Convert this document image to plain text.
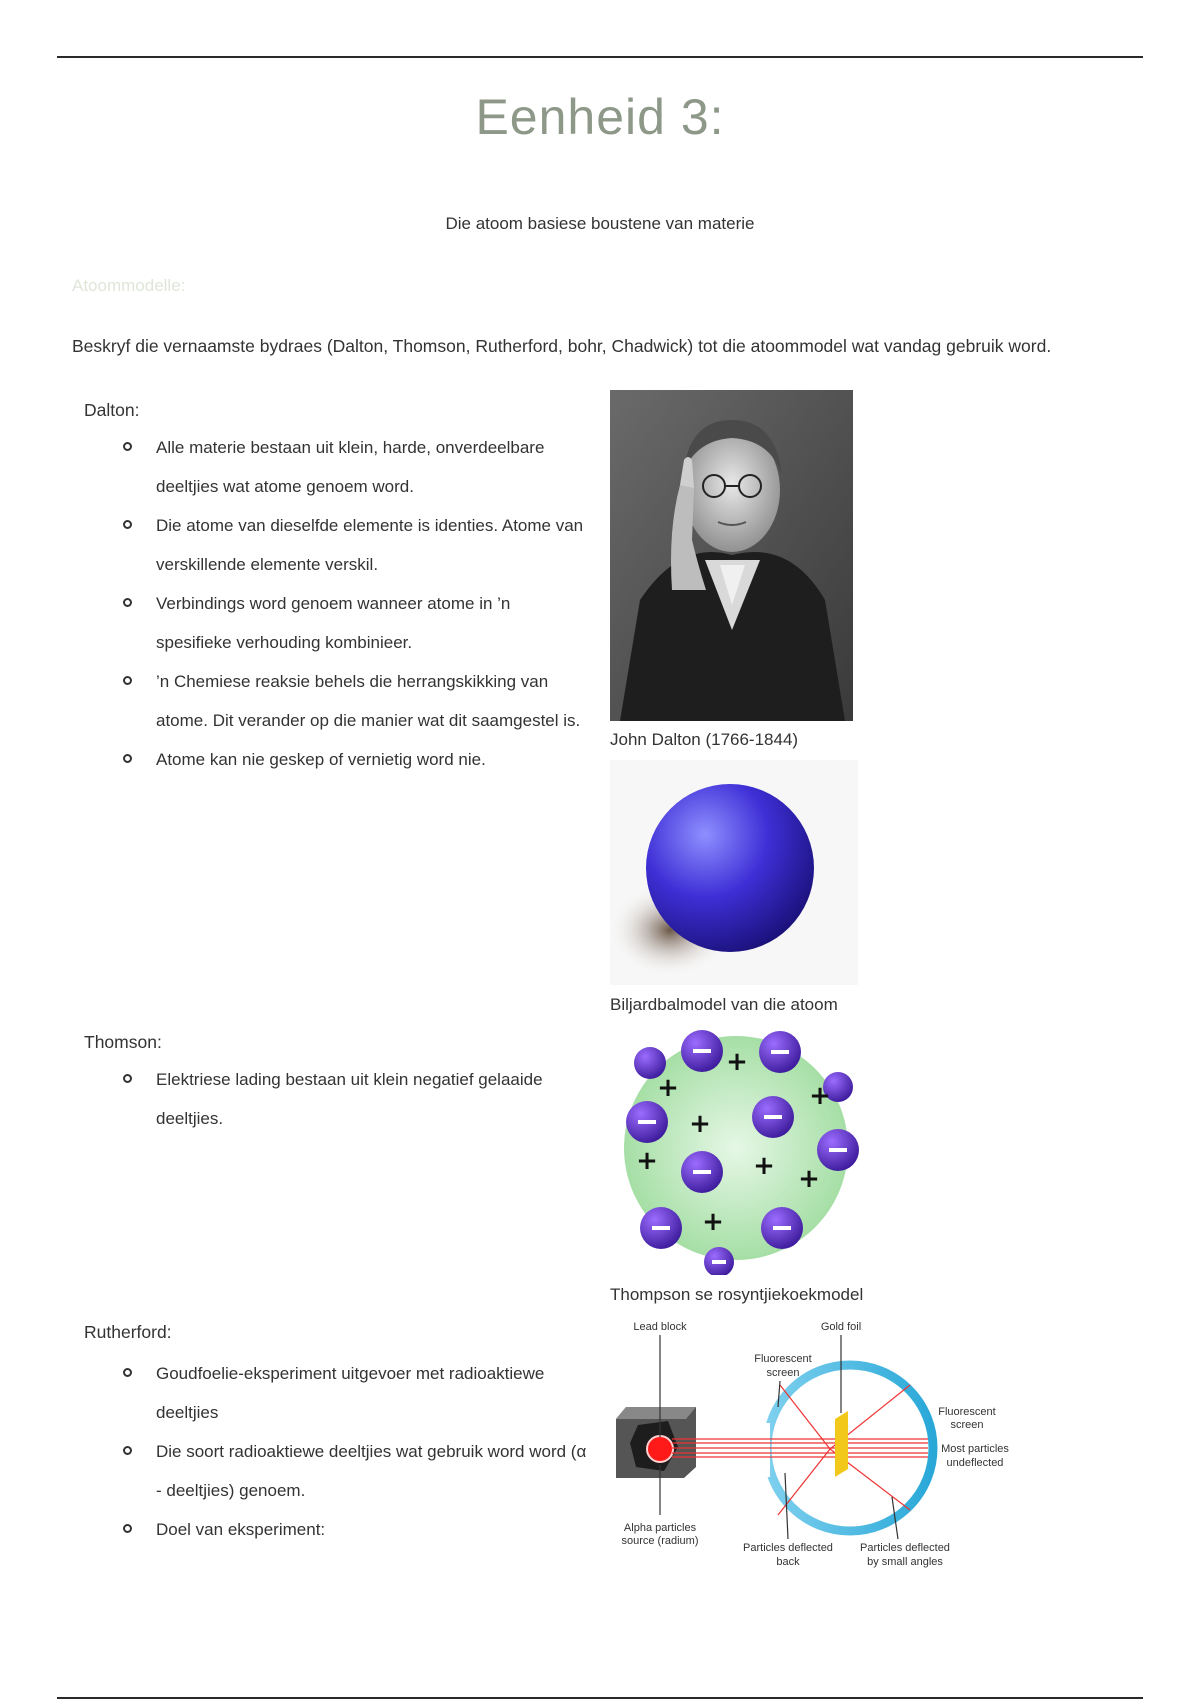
Eenheid 3:
Die atoom basiese boustene van materie
Atoommodelle:
Beskryf die vernaamste bydraes (Dalton, Thomson, Rutherford, bohr, Chadwick) tot die atoommodel wat vandag gebruik word.
Dalton:
Alle materie bestaan uit klein, harde, onverdeelbare deeltjies wat atome genoem word.
Die atome van dieselfde elemente is identies. Atome van verskillende elemente verskil.
Verbindings word genoem wanneer atome in ’n spesifieke verhouding kombinieer.
’n Chemiese reaksie behels die herrangskikking van atome. Dit verander op die manier wat dit saamgestel is.
Atome kan nie geskep of vernietig word nie.
John Dalton (1766-1844)
Biljardbalmodel van die atoom
Thomson:
Elektriese lading bestaan uit klein negatief gelaaide deeltjies.
+
+	+
+
+	+ +
+
Thompson se rosyntjiekoekmodel
Rutherford:
Goudfoelie-eksperiment uitgevoer met radioaktiewe deeltjies
Die soort radioaktiewe deeltjies wat gebruik word word (α - deeltjies) genoem.
Doel van eksperiment:
Lead block	Gold foil
Fluorescent
screen
Fluorescent
screen
Most particles
undeflected
Alpha particles
source (radium)
Particles deflected
back
Particles deflected
by small angles
